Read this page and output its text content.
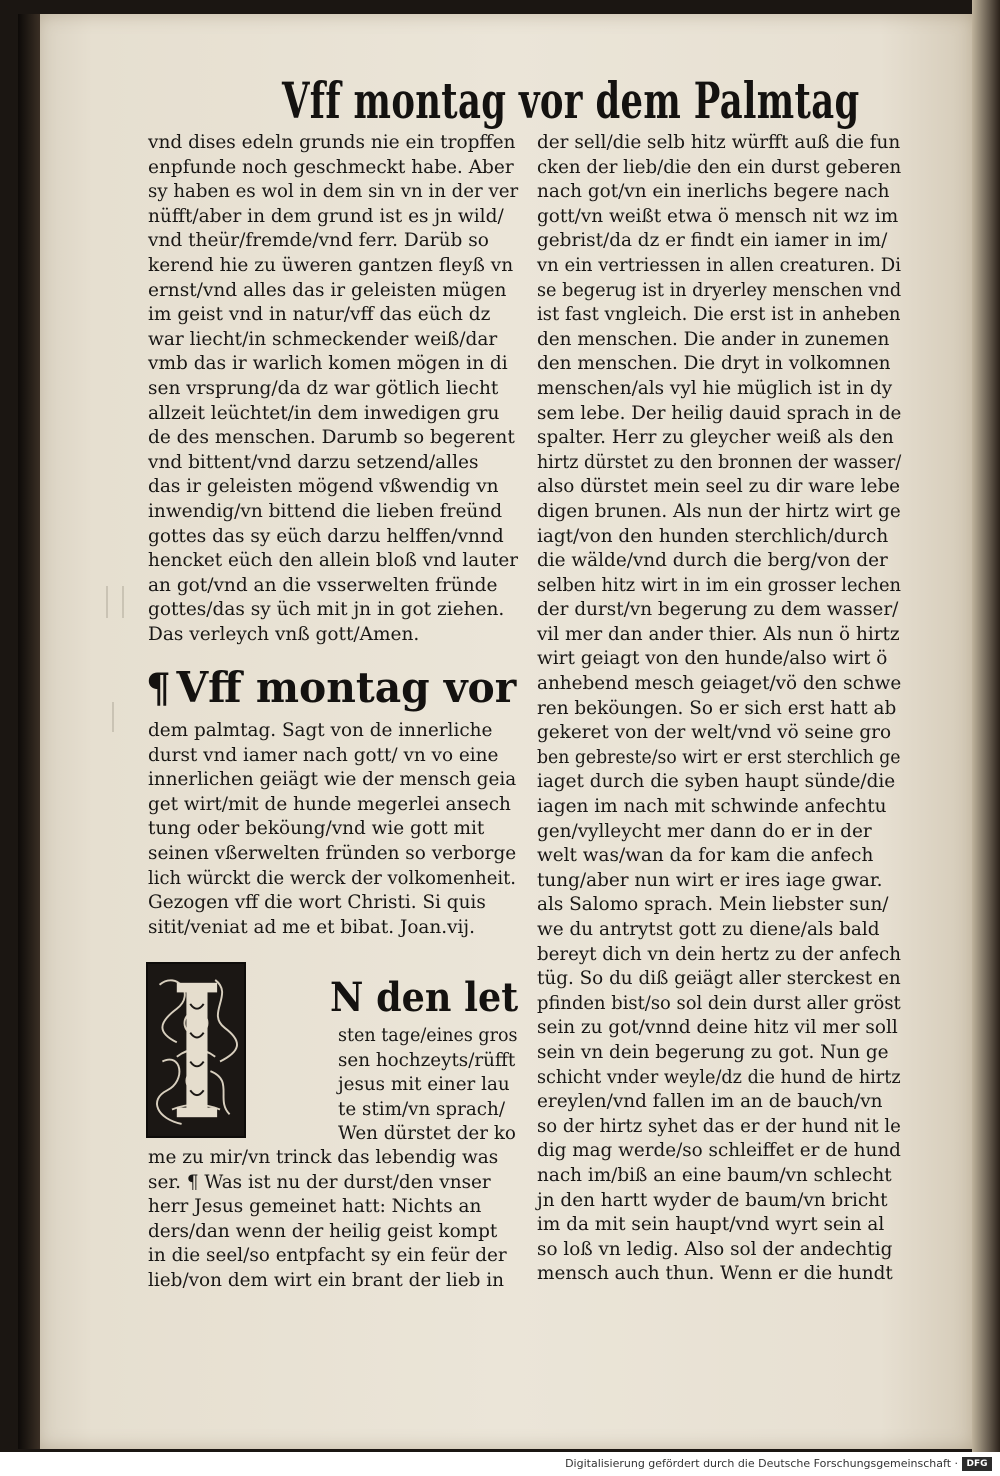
Vff montag vor dem Palmtag
vnd dises edeln grunds nie ein tropffen
enpfunde noch geschmeckt habe. Aber
sy haben es wol in dem sin vn in der ver
nüfft/aber in dem grund ist es jn wild/
vnd theür/fremde/vnd ferr. Darüb so
kerend hie zu üweren gantzen fleyß vn
ernst/vnd alles das ir geleisten mügen
im geist vnd in natur/vff das eüch dz
war liecht/in schmeckender weiß/dar
vmb das ir warlich komen mögen in di
sen vrsprung/da dz war götlich liecht
allzeit leüchtet/in dem inwedigen gru
de des menschen. Darumb so begerent
vnd bittent/vnd darzu setzend/alles
das ir geleisten mögend vßwendig vn
inwendig/vn bittend die lieben freünd
gottes das sy eüch darzu helffen/vnnd
hencket eüch den allein bloß vnd lauter
an got/vnd an die vsserwelten fründe
gottes/das sy üch mit jn in got ziehen.
Das verleych vnß gott/Amen.
¶ Vff montag vor
dem palmtag. Sagt von de innerliche
durst vnd iamer nach gott/ vn vo eine
innerlichen geiägt wie der mensch geia
get wirt/mit de hunde megerlei ansech
tung oder beköung/vnd wie gott mit
seinen vßerwelten fründen so verborge
lich würckt die werck der volkomenheit.
Gezogen vff die wort Christi. Si quis
sitit/veniat ad me et bibat. Joan.vij.
N den let
sten tage/eines gros
sen hochzeyts/rüfft
jesus mit einer lau
te stim/vn sprach/
Wen dürstet der ko
me zu mir/vn trinck das lebendig was
ser. ¶ Was ist nu der durst/den vnser
herr Jesus gemeinet hatt: Nichts an
ders/dan wenn der heilig geist kompt
in die seel/so entpfacht sy ein feür der
lieb/von dem wirt ein brant der lieb in
der sell/die selb hitz würfft auß die fun
cken der lieb/die den ein durst geberen
nach got/vn ein inerlichs begere nach
gott/vn weißt etwa ö mensch nit wz im
gebrist/da dz er findt ein iamer in im/
vn ein vertriessen in allen creaturen. Di
se begerug ist in dryerley menschen vnd
ist fast vngleich. Die erst ist in anheben
den menschen. Die ander in zunemen
den menschen. Die dryt in volkomnen
menschen/als vyl hie müglich ist in dy
sem lebe. Der heilig dauid sprach in de
spalter. Herr zu gleycher weiß als den
hirtz dürstet zu den bronnen der wasser/
also dürstet mein seel zu dir ware lebe
digen brunen. Als nun der hirtz wirt ge
iagt/von den hunden sterchlich/durch
die wälde/vnd durch die berg/von der
selben hitz wirt in im ein grosser lechen
der durst/vn begerung zu dem wasser/
vil mer dan ander thier. Als nun ö hirtz
wirt geiagt von den hunde/also wirt ö
anhebend mesch geiaget/vö den schwe
ren beköungen. So er sich erst hatt ab
gekeret von der welt/vnd vö seine gro
ben gebreste/so wirt er erst sterchlich ge
iaget durch die syben haupt sünde/die
iagen im nach mit schwinde anfechtu
gen/vylleycht mer dann do er in der
welt was/wan da for kam die anfech
tung/aber nun wirt er ires iage gwar.
als Salomo sprach. Mein liebster sun/
we du antrytst gott zu diene/als bald
bereyt dich vn dein hertz zu der anfech
tüg. So du diß geiägt aller sterckest en
pfinden bist/so sol dein durst aller gröst
sein zu got/vnnd deine hitz vil mer soll
sein vn dein begerung zu got. Nun ge
schicht vnder weyle/dz die hund de hirtz
ereylen/vnd fallen im an de bauch/vn
so der hirtz syhet das er der hund nit le
dig mag werde/so schleiffet er de hund
nach im/biß an eine baum/vn schlecht
jn den hartt wyder de baum/vn bricht
im da mit sein haupt/vnd wyrt sein al
so loß vn ledig. Also sol der andechtig
mensch auch thun. Wenn er die hundt
Digitalisierung gefördert durch die Deutsche Forschungsgemeinschaft · DFG
